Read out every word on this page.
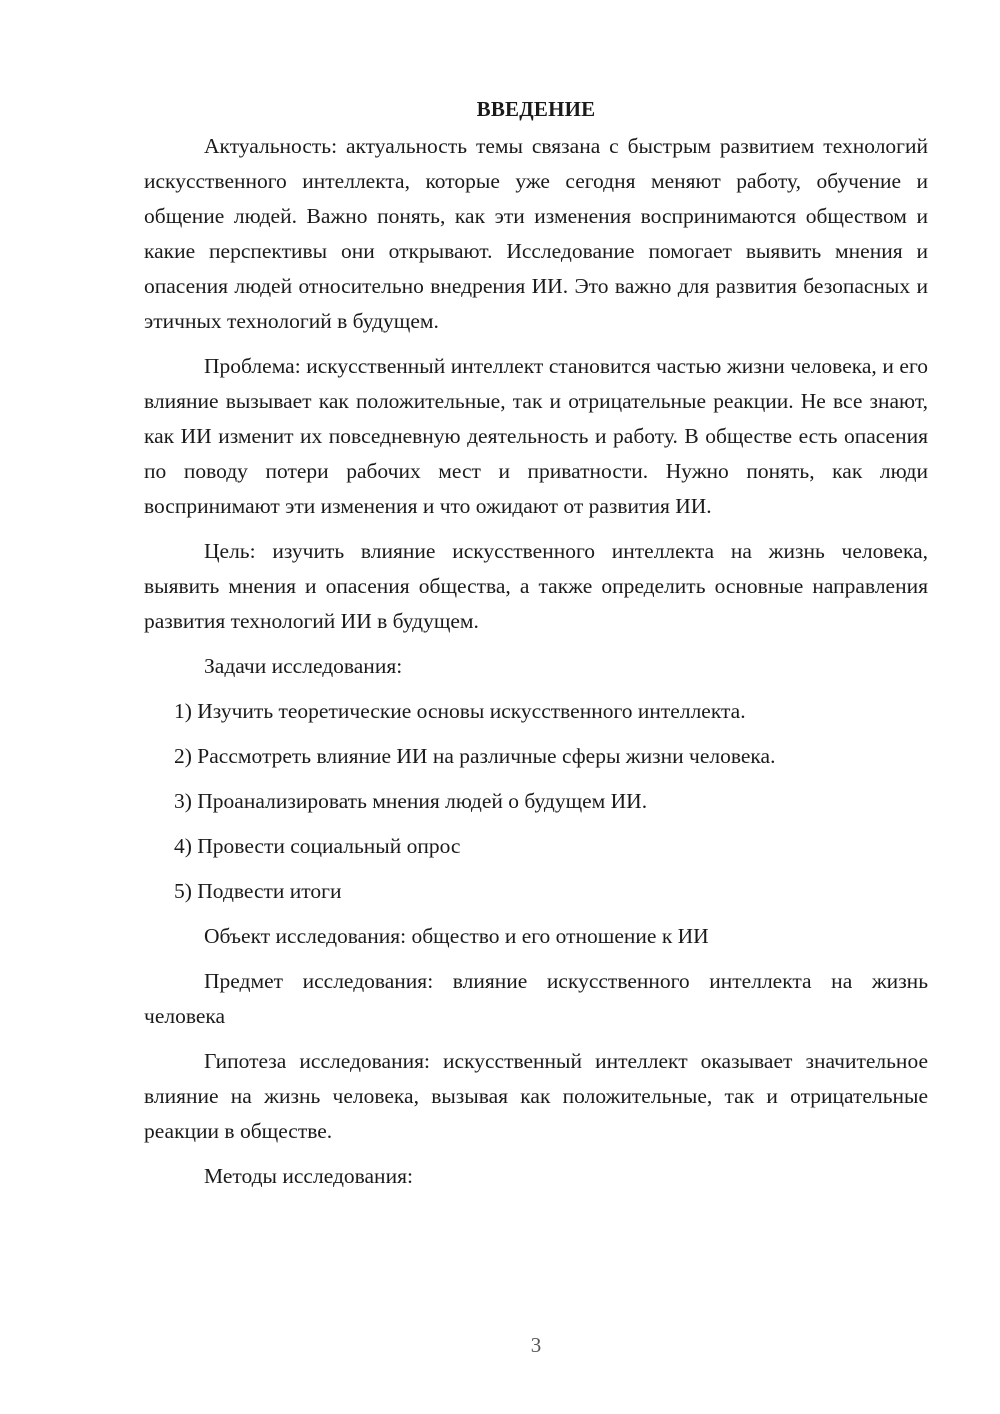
ВВЕДЕНИЕ

Актуальность: актуальность темы связана с быстрым развитием технологий искусственного интеллекта, которые уже сегодня меняют работу, обучение и общение людей. Важно понять, как эти изменения воспринимаются обществом и какие перспективы они открывают. Исследование помогает выявить мнения и опасения людей относительно внедрения ИИ. Это важно для развития безопасных и этичных технологий в будущем.

Проблема: искусственный интеллект становится частью жизни человека, и его влияние вызывает как положительные, так и отрицательные реакции. Не все знают, как ИИ изменит их повседневную деятельность и работу. В обществе есть опасения по поводу потери рабочих мест и приватности. Нужно понять, как люди воспринимают эти изменения и что ожидают от развития ИИ.

Цель: изучить влияние искусственного интеллекта на жизнь человека, выявить мнения и опасения общества, а также определить основные направления развития технологий ИИ в будущем.

Задачи исследования:

1) Изучить теоретические основы искусственного интеллекта.

2) Рассмотреть влияние ИИ на различные сферы жизни человека.

3) Проанализировать мнения людей о будущем ИИ.

4) Провести социальный опрос

5) Подвести итоги

Объект исследования: общество и его отношение к ИИ

Предмет исследования: влияние искусственного интеллекта на жизнь человека

Гипотеза исследования: искусственный интеллект оказывает значительное влияние на жизнь человека, вызывая как положительные, так и отрицательные реакции в обществе.

Методы исследования:

3
